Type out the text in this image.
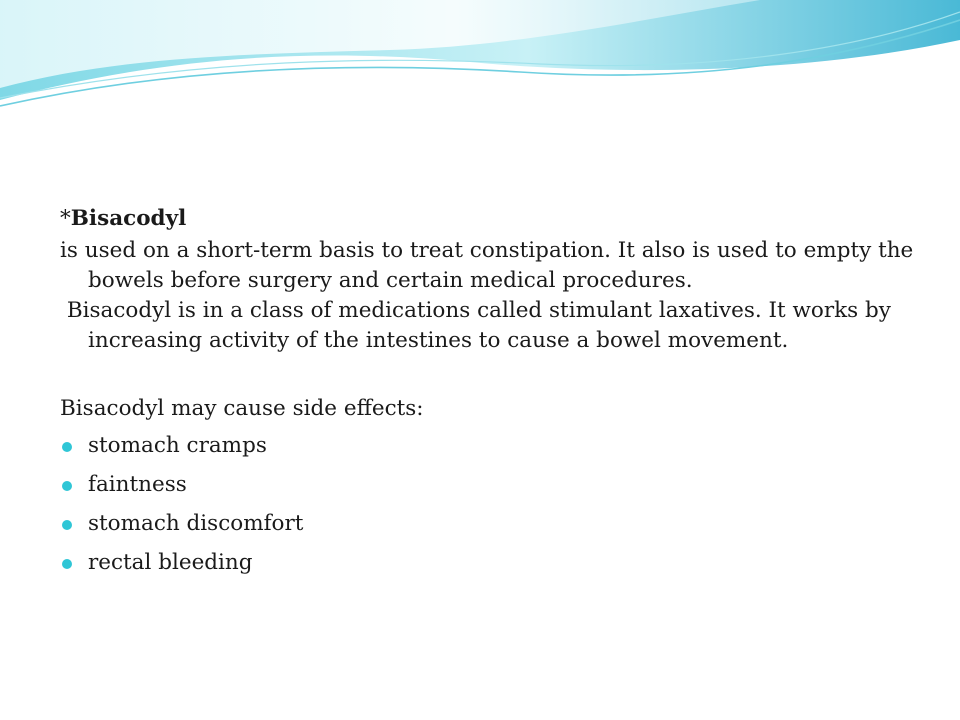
*Bisacodyl

is used on a short-term basis to treat constipation. It also is used to empty the bowels before surgery and certain medical procedures.

Bisacodyl is in a class of medications called stimulant laxatives. It works by increasing activity of the intestines to cause a bowel movement.

Bisacodyl may cause side effects:

stomach cramps
faintness
stomach discomfort
rectal bleeding
